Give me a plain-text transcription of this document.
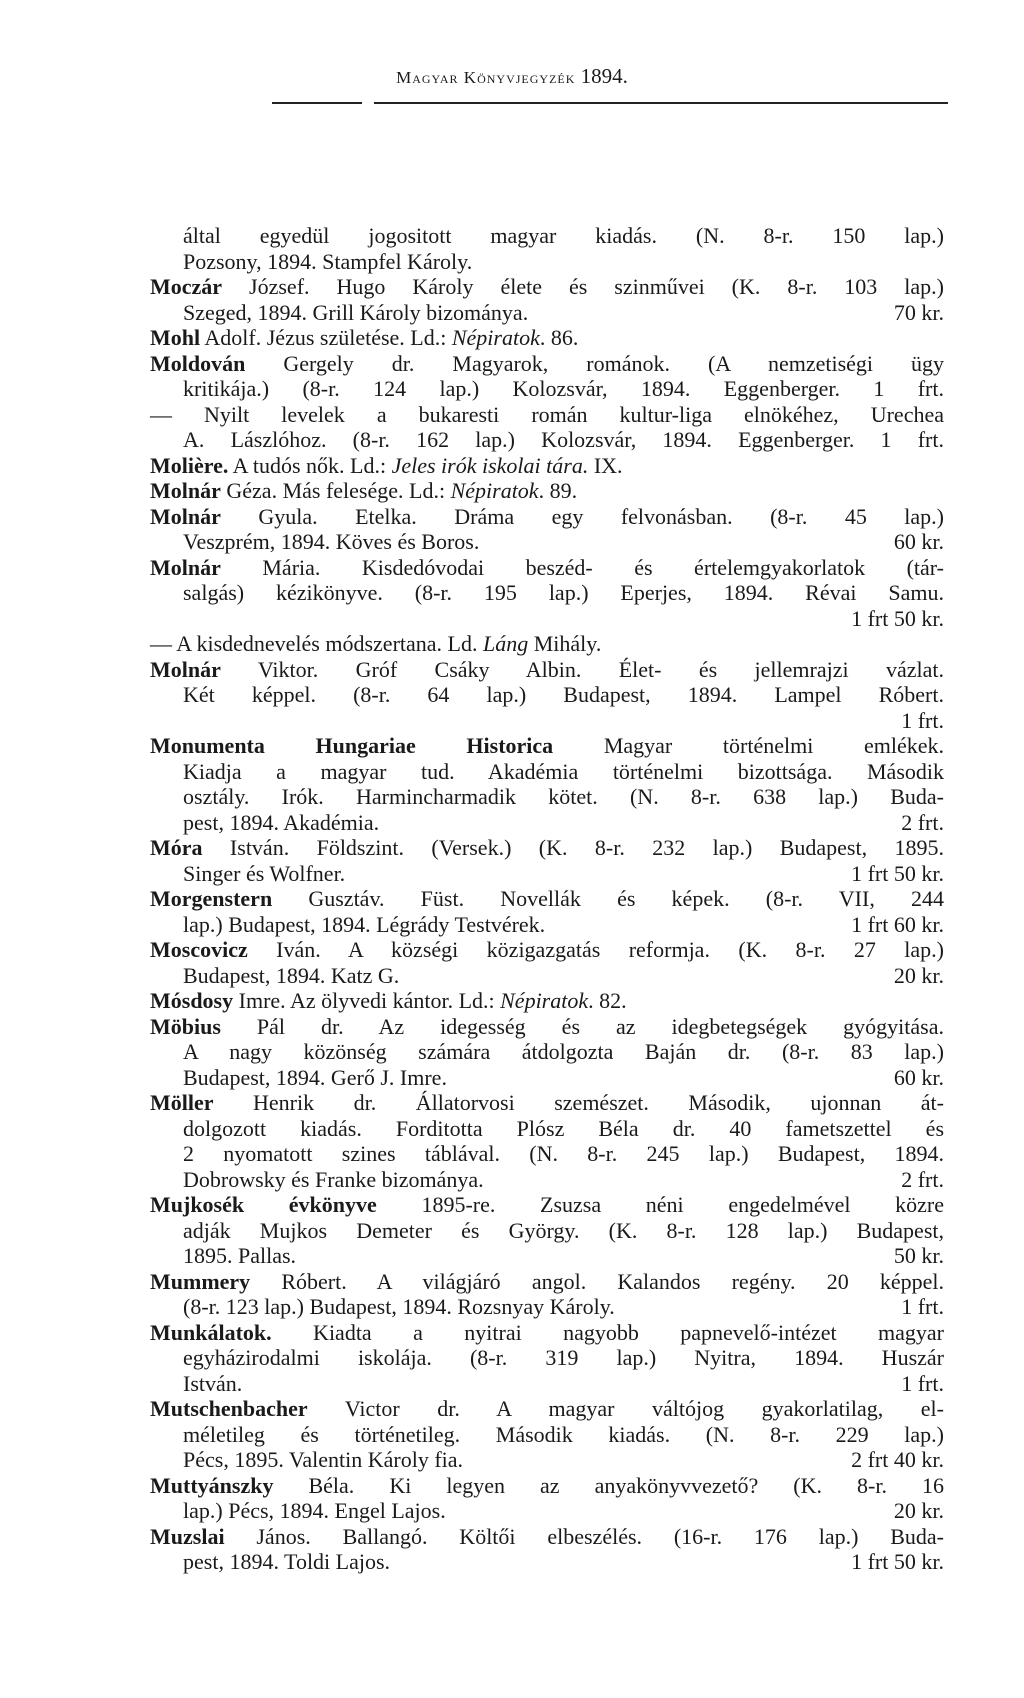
Magyar Könyvjegyzék 1894.
által egyedül jogositott magyar kiadás. (N. 8-r. 150 lap.)
Pozsony, 1894. Stampfel Károly.
Moczár József. Hugo Károly élete és szinművei (K. 8-r. 103 lap.)
Szeged, 1894. Grill Károly bizománya.	70 kr.
Mohl Adolf. Jézus születése. Ld.: Népiratok. 86.
Moldován Gergely dr. Magyarok, románok. (A nemzetiségi ügy
kritikája.) (8-r. 124 lap.) Kolozsvár, 1894. Eggenberger. 1 frt.
— Nyilt levelek a bukaresti román kultur-liga elnökéhez, Urechea
A. Lászlóhoz. (8-r. 162 lap.) Kolozsvár, 1894. Eggenberger. 1 frt.
Molière. A tudós nők. Ld.: Jeles irók iskolai tára. IX.
Molnár Géza. Más felesége. Ld.: Népiratok. 89.
Molnár Gyula. Etelka. Dráma egy felvonásban. (8-r. 45 lap.)
Veszprém, 1894. Köves és Boros.	60 kr.
Molnár Mária. Kisdedóvodai beszéd- és értelemgyakorlatok (tár-
salgás) kézikönyve. (8-r. 195 lap.) Eperjes, 1894. Révai Samu.
1 frt 50 kr.
— A kisdednevelés módszertana. Ld. Láng Mihály.
Molnár Viktor. Gróf Csáky Albin. Élet- és jellemrajzi vázlat.
Két képpel. (8-r. 64 lap.) Budapest, 1894. Lampel Róbert.
1 frt.
Monumenta Hungariae Historica Magyar történelmi emlékek.
Kiadja a magyar tud. Akadémia történelmi bizottsága. Második
osztály. Irók. Harmincharmadik kötet. (N. 8-r. 638 lap.) Buda-
pest, 1894. Akadémia.	2 frt.
Móra István. Földszint. (Versek.) (K. 8-r. 232 lap.) Budapest, 1895.
Singer és Wolfner.	1 frt 50 kr.
Morgenstern Gusztáv. Füst. Novellák és képek. (8-r. VII, 244
lap.) Budapest, 1894. Légrády Testvérek.	1 frt 60 kr.
Moscovicz Iván. A községi közigazgatás reformja. (K. 8-r. 27 lap.)
Budapest, 1894. Katz G.	20 kr.
Mósdosy Imre. Az ölyvedi kántor. Ld.: Népiratok. 82.
Möbius Pál dr. Az idegesség és az idegbetegségek gyógyitása.
A nagy közönség számára átdolgozta Baján dr. (8-r. 83 lap.)
Budapest, 1894. Gerő J. Imre.	60 kr.
Möller Henrik dr. Állatorvosi szemészet. Második, ujonnan át-
dolgozott kiadás. Forditotta Plósz Béla dr. 40 fametszettel és
2 nyomatott szines táblával. (N. 8-r. 245 lap.) Budapest, 1894.
Dobrowsky és Franke bizománya.	2 frt.
Mujkosék évkönyve 1895-re. Zsuzsa néni engedelmével közre
adják Mujkos Demeter és György. (K. 8-r. 128 lap.) Budapest,
1895. Pallas.	50 kr.
Mummery Róbert. A világjáró angol. Kalandos regény. 20 képpel.
(8-r. 123 lap.) Budapest, 1894. Rozsnyay Károly.	1 frt.
Munkálatok. Kiadta a nyitrai nagyobb papnevelő-intézet magyar
egyházirodalmi iskolája. (8-r. 319 lap.) Nyitra, 1894. Huszár
István.	1 frt.
Mutschenbacher Victor dr. A magyar váltójog gyakorlatilag, el-
méletileg és történetileg. Második kiadás. (N. 8-r. 229 lap.)
Pécs, 1895. Valentin Károly fia.	2 frt 40 kr.
Muttyánszky Béla. Ki legyen az anyakönyvvezető? (K. 8-r. 16
lap.) Pécs, 1894. Engel Lajos.	20 kr.
Muzslai János. Ballangó. Költői elbeszélés. (16-r. 176 lap.) Buda-
pest, 1894. Toldi Lajos.	1 frt 50 kr.
